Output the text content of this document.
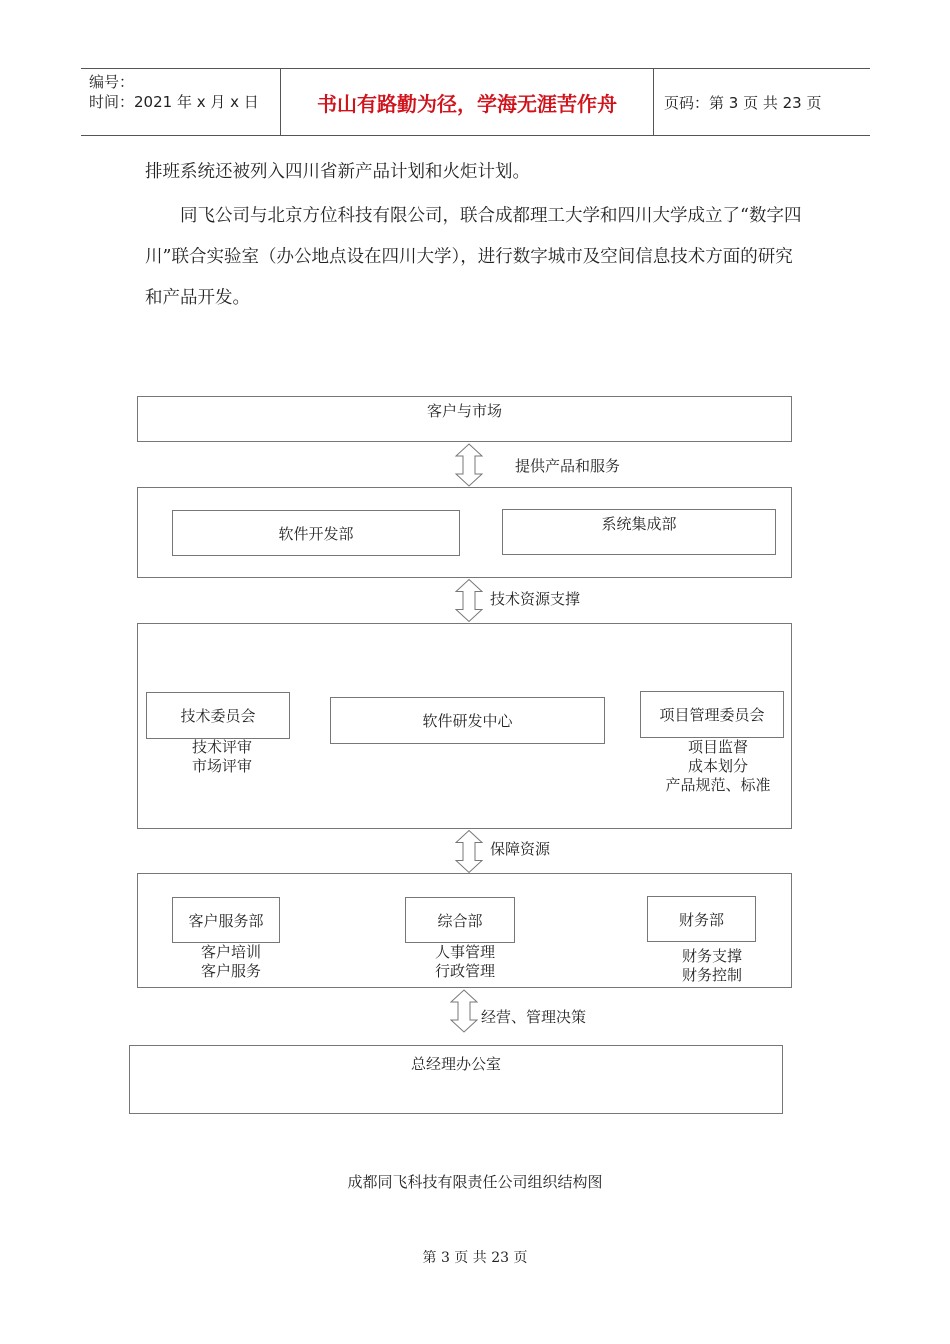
编号：
时间：2021 年 x 月 x 日	书山有路勤为径，学海无涯苦作舟	页码：第 3 页 共 23 页

排班系统还被列入四川省新产品计划和火炬计划。

同飞公司与北京方位科技有限公司，联合成都理工大学和四川大学成立了“数字四川”联合实验室（办公地点设在四川大学），进行数字城市及空间信息技术方面的研究和产品开发。

客户与市场
提供产品和服务
软件开发部
系统集成部
技术资源支撑
技术委员会
技术评审
市场评审
软件研发中心	项目管理委员会
项目监督
成本划分
产品规范、标准
保障资源
客户服务部
客户培训
客户服务
综合部
人事管理
行政管理
财务部
财务支撑
财务控制
经营、管理决策
总经理办公室
成都同飞科技有限责任公司组织结构图
第 3 页 共 23 页
